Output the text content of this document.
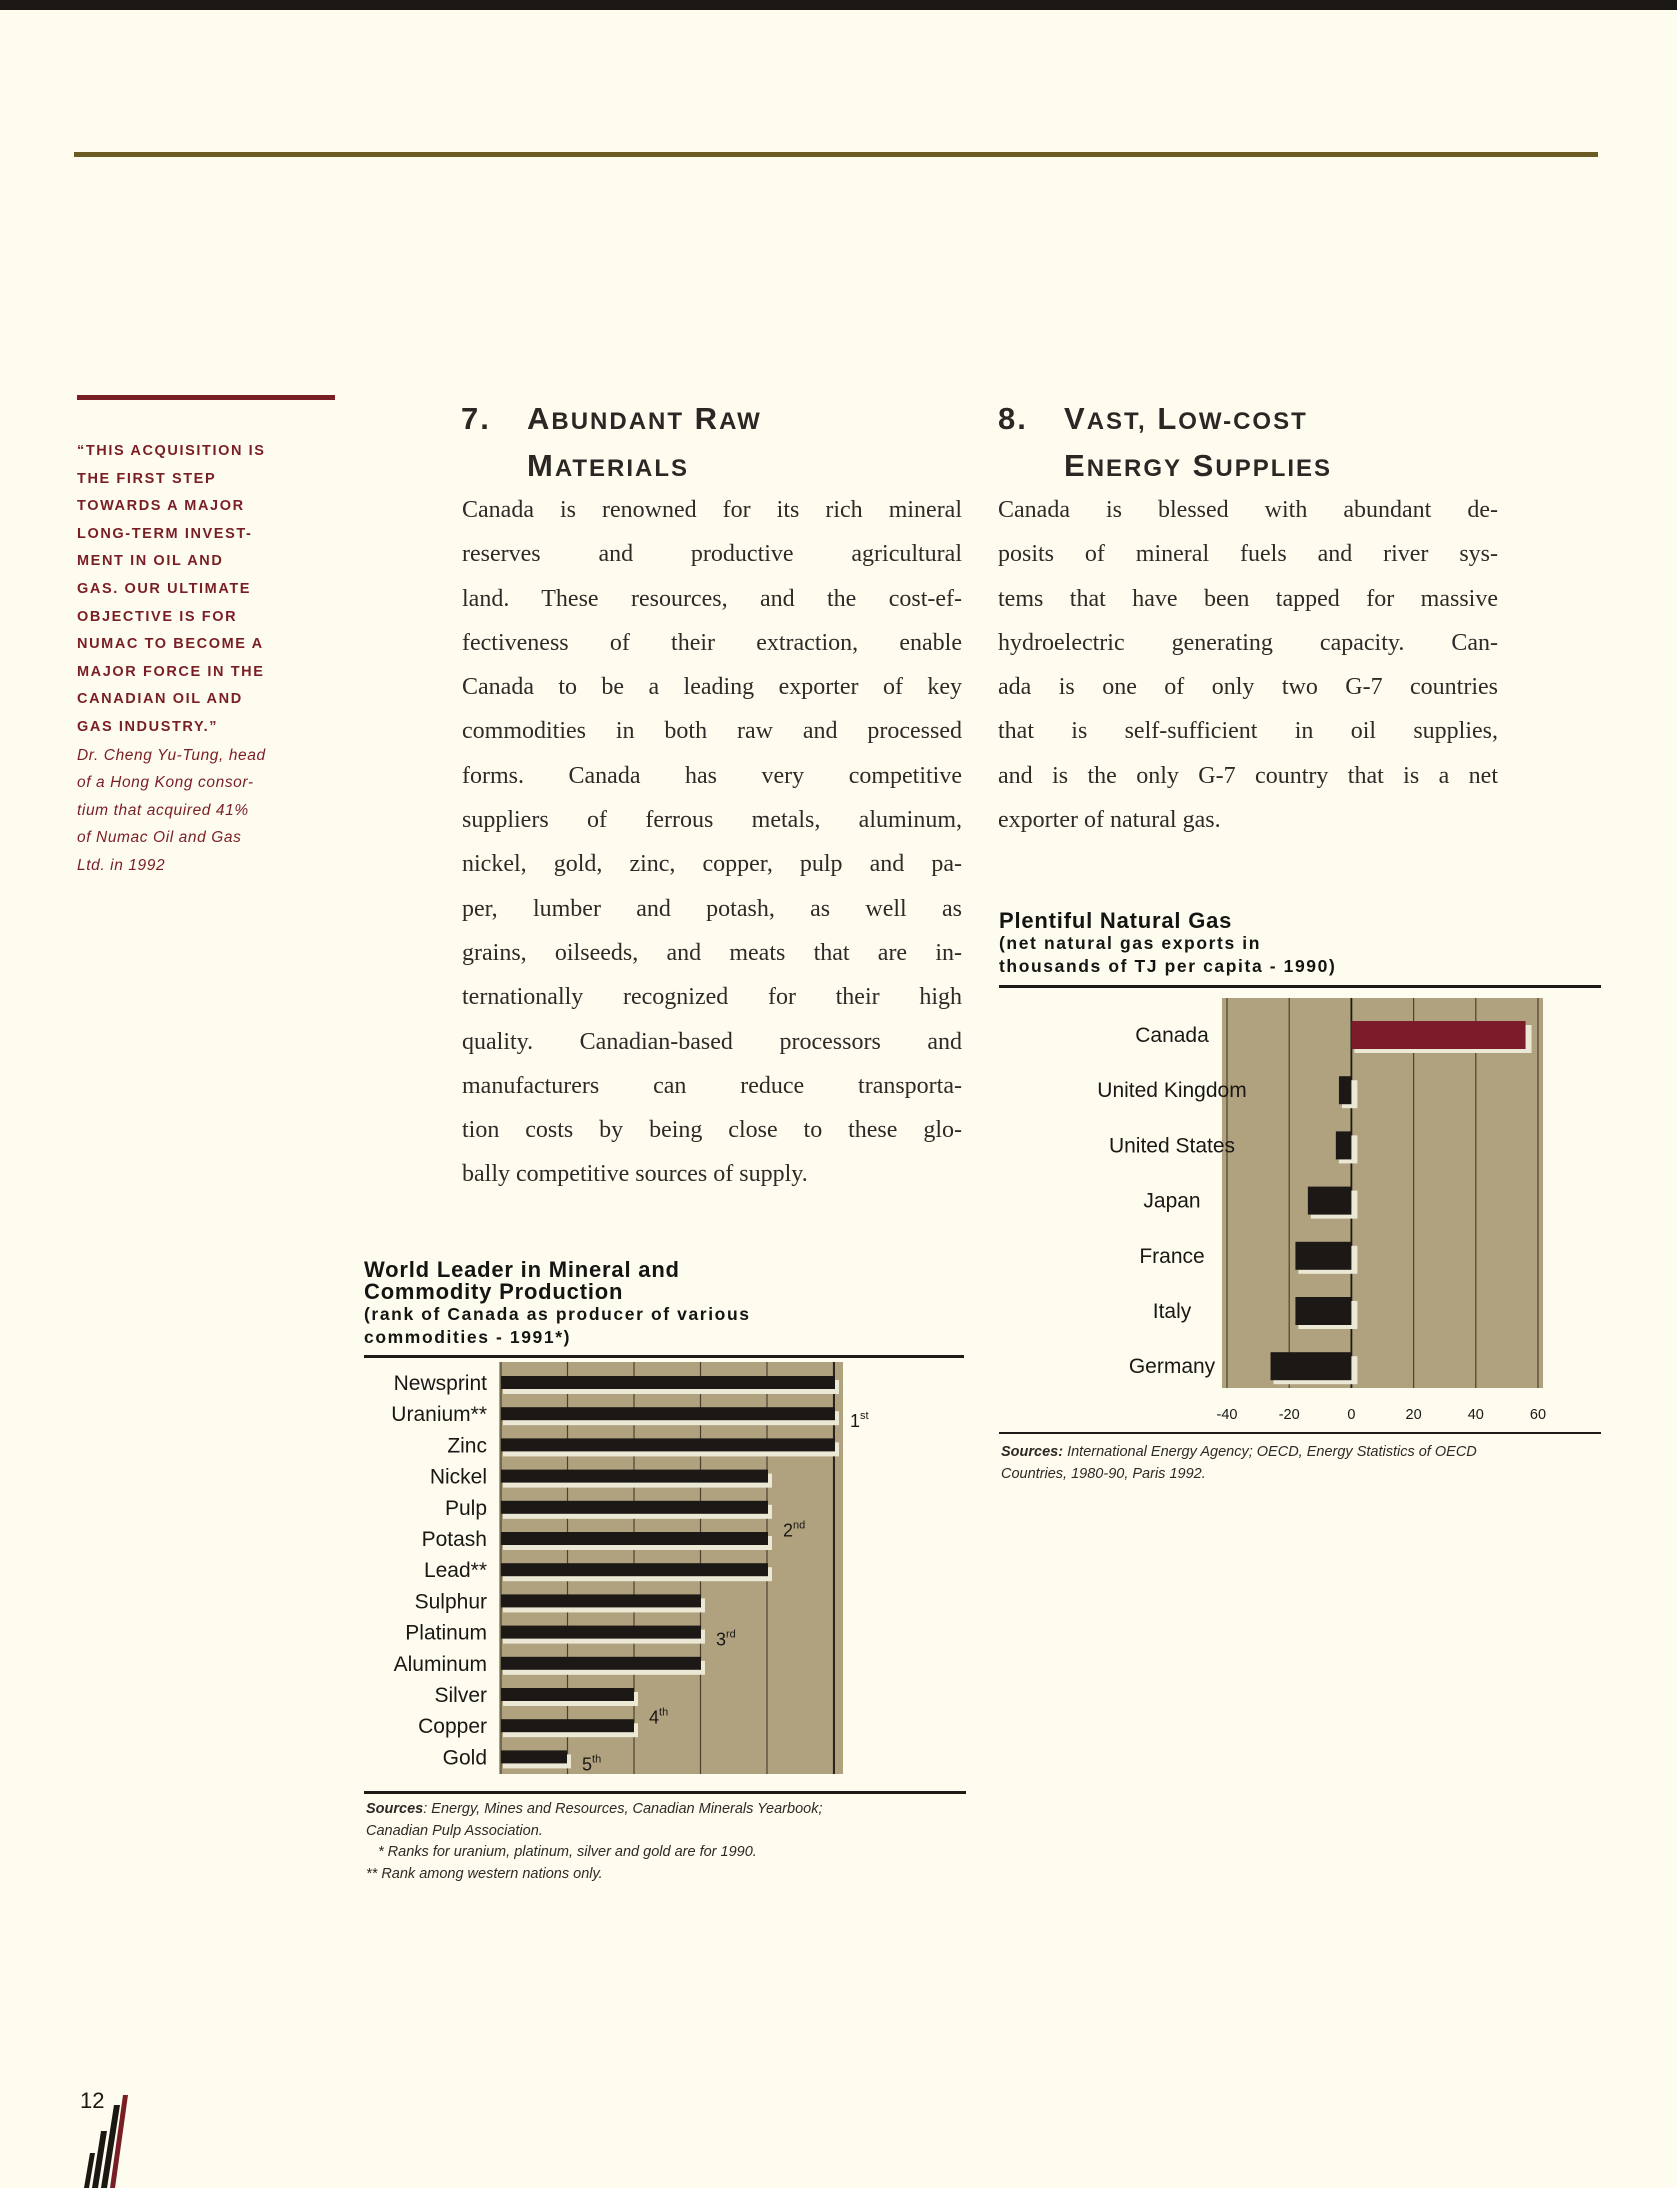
“THIS ACQUISITION IS
THE FIRST STEP
TOWARDS A MAJOR
LONG-TERM INVEST-
MENT IN OIL AND
GAS. OUR ULTIMATE
OBJECTIVE IS FOR
NUMAC TO BECOME A
MAJOR FORCE IN THE
CANADIAN OIL AND
GAS INDUSTRY.”
Dr. Cheng Yu-Tung, head
of a Hong Kong consor-
tium that acquired 41%
of Numac Oil and Gas
Ltd. in 1992
7. ABUNDANT RAW
MATERIALS
Canada is renowned for its rich mineral
reserves and productive agricultural
land. These resources, and the cost-ef-
fectiveness of their extraction, enable
Canada to be a leading exporter of key
commodities in both raw and processed
forms. Canada has very competitive
suppliers of ferrous metals, aluminum,
nickel, gold, zinc, copper, pulp and pa-
per, lumber and potash, as well as
grains, oilseeds, and meats that are in-
ternationally recognized for their high
quality. Canadian-based processors and
manufacturers can reduce transporta-
tion costs by being close to these glo-
bally competitive sources of supply.
8. VAST, LOW-COST
ENERGY SUPPLIES
Canada is blessed with abundant de-
posits of mineral fuels and river sys-
tems that have been tapped for massive
hydroelectric generating capacity. Can-
ada is one of only two G-7 countries
that is self-sufficient in oil supplies,
and is the only G-7 country that is a net
exporter of natural gas.
Plentiful Natural Gas
(net natural gas exports in
thousands of TJ per capita - 1990)
Canada
United Kingdom
United States
Japan
France
Italy
Germany
-40	-20	0	20	40	60

Sources: International Energy Agency; OECD, Energy Statistics of OECD
Countries, 1980-90, Paris 1992.

World Leader in Mineral and
Commodity Production
(rank of Canada as producer of various
commodities - 1991*)
Newsprint
Uranium**
Zinc
Nickel
Pulp
Potash
Lead**
Sulphur
Platinum
Aluminum
Silver
Copper
Gold
1st
2nd
3rd
4th
5th
Sources: Energy, Mines and Resources, Canadian Minerals Yearbook;
Canadian Pulp Association.
* Ranks for uranium, platinum, silver and gold are for 1990.
** Rank among western nations only.
12
